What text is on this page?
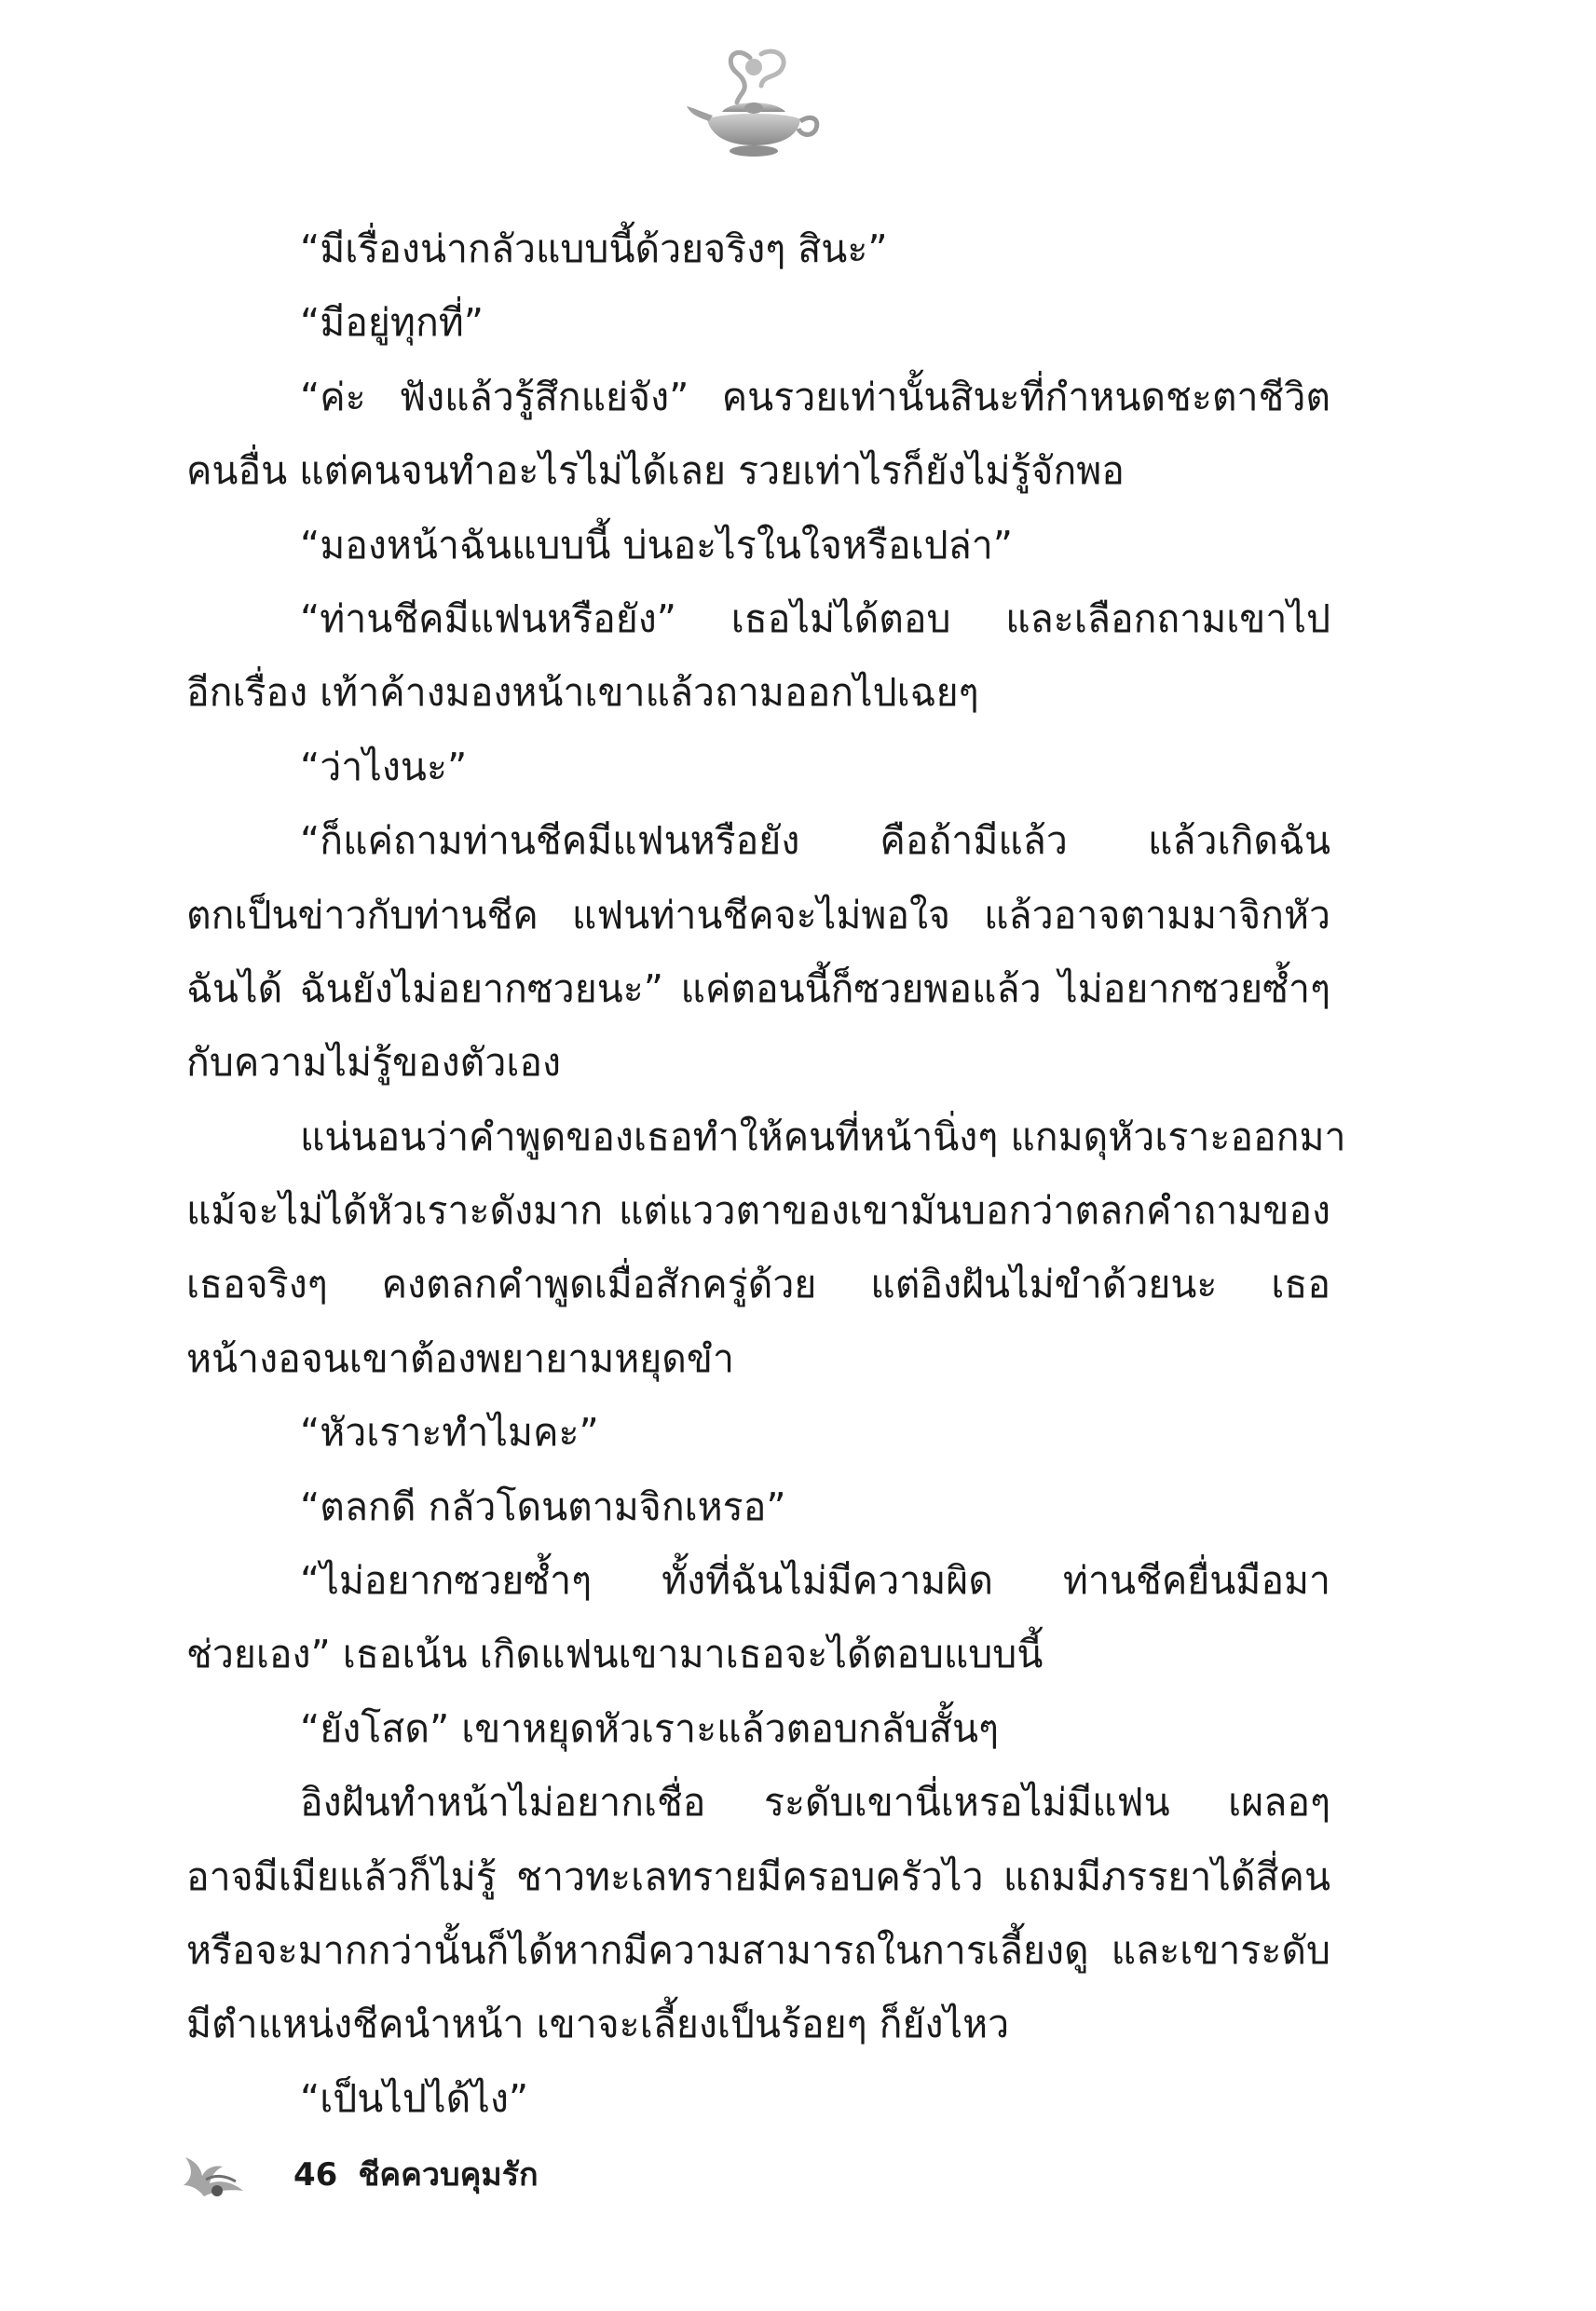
“มีเรื่องน่ากลัวแบบนี้ด้วยจริงๆ สินะ”
“มีอยู่ทุกที่”
“ค่ะ ฟังแล้วรู้สึกแย่จัง” คนรวยเท่านั้นสินะที่กำหนดชะตาชีวิต
คนอื่น แต่คนจนทำอะไรไม่ได้เลย รวยเท่าไรก็ยังไม่รู้จักพอ
“มองหน้าฉันแบบนี้ บ่นอะไรในใจหรือเปล่า”
“ท่านชีคมีแฟนหรือยัง” เธอไม่ได้ตอบ และเลือกถามเขาไป
อีกเรื่อง เท้าค้างมองหน้าเขาแล้วถามออกไปเฉยๆ
“ว่าไงนะ”
“ก็แค่ถามท่านชีคมีแฟนหรือยัง คือถ้ามีแล้ว แล้วเกิดฉัน
ตกเป็นข่าวกับท่านชีค แฟนท่านชีคจะไม่พอใจ แล้วอาจตามมาจิกหัว
ฉันได้ ฉันยังไม่อยากซวยนะ” แค่ตอนนี้ก็ซวยพอแล้ว ไม่อยากซวยซ้ำๆ
กับความไม่รู้ของตัวเอง
แน่นอนว่าคำพูดของเธอทำให้คนที่หน้านิ่งๆ แกมดุหัวเราะออกมา
แม้จะไม่ได้หัวเราะดังมาก แต่แววตาของเขามันบอกว่าตลกคำถามของ
เธอจริงๆ คงตลกคำพูดเมื่อสักครู่ด้วย แต่อิงฝันไม่ขำด้วยนะ เธอ
หน้างอจนเขาต้องพยายามหยุดขำ
“หัวเราะทำไมคะ”
“ตลกดี กลัวโดนตามจิกเหรอ”
“ไม่อยากซวยซ้ำๆ ทั้งที่ฉันไม่มีความผิด ท่านชีคยื่นมือมา
ช่วยเอง” เธอเน้น เกิดแฟนเขามาเธอจะได้ตอบแบบนี้
“ยังโสด” เขาหยุดหัวเราะแล้วตอบกลับสั้นๆ
อิงฝันทำหน้าไม่อยากเชื่อ ระดับเขานี่เหรอไม่มีแฟน เผลอๆ
อาจมีเมียแล้วก็ไม่รู้ ชาวทะเลทรายมีครอบครัวไว แถมมีภรรยาได้สี่คน
หรือจะมากกว่านั้นก็ได้หากมีความสามารถในการเลี้ยงดู และเขาระดับ
มีตำแหน่งชีคนำหน้า เขาจะเลี้ยงเป็นร้อยๆ ก็ยังไหว
“เป็นไปได้ไง”
46 ชีคควบคุมรัก
